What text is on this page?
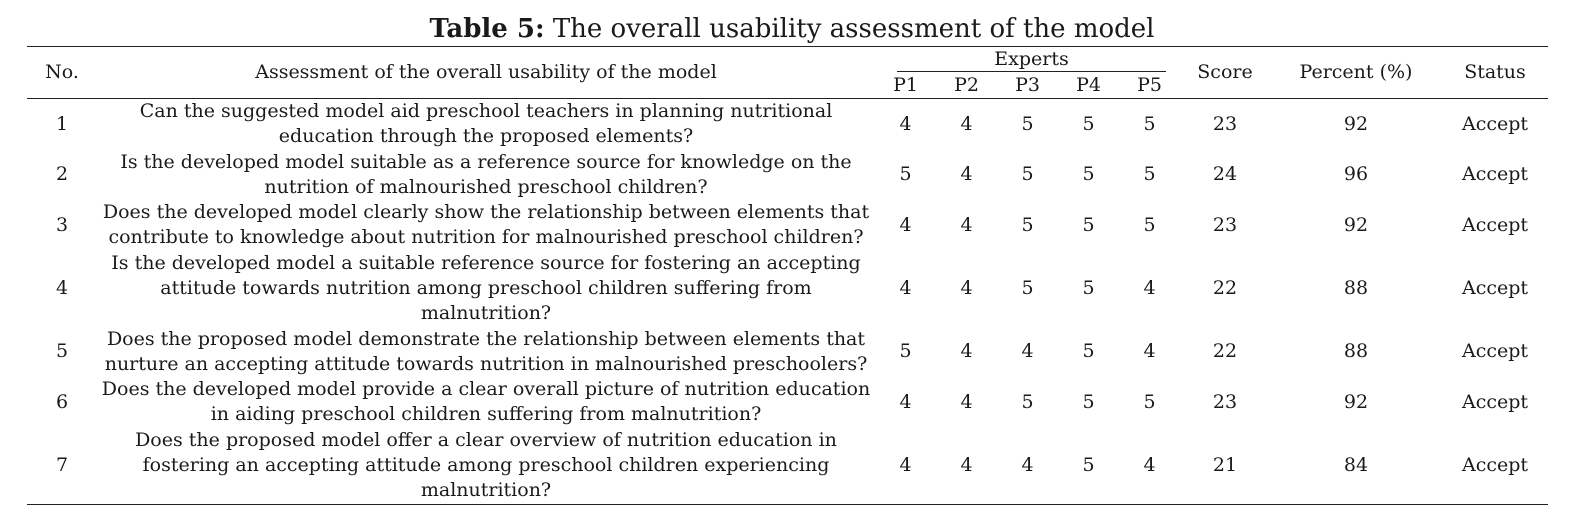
Table 5: The overall usability assessment of the model
No.	Assessment of the overall usability of the model	Experts					Score	Percent (%)	Status
		P1	P2	P3	P4	P5			
1	Can the suggested model aid preschool teachers in planning nutritional education through the proposed elements?	4	4	5	5	5	23	92	Accept
2	Is the developed model suitable as a reference source for knowledge on the nutrition of malnourished preschool children?	5	4	5	5	5	24	96	Accept
3	Does the developed model clearly show the relationship between elements that contribute to knowledge about nutrition for malnourished preschool children?	4	4	5	5	5	23	92	Accept
4	Is the developed model a suitable reference source for fostering an accepting attitude towards nutrition among preschool children suffering from malnutrition?	4	4	5	5	4	22	88	Accept
5	Does the proposed model demonstrate the relationship between elements that nurture an accepting attitude towards nutrition in malnourished preschoolers?	5	4	4	5	4	22	88	Accept
6	Does the developed model provide a clear overall picture of nutrition education in aiding preschool children suffering from malnutrition?	4	4	5	5	5	23	92	Accept
7	Does the proposed model offer a clear overview of nutrition education in fostering an accepting attitude among preschool children experiencing malnutrition?	4	4	4	5	4	21	84	Accept
